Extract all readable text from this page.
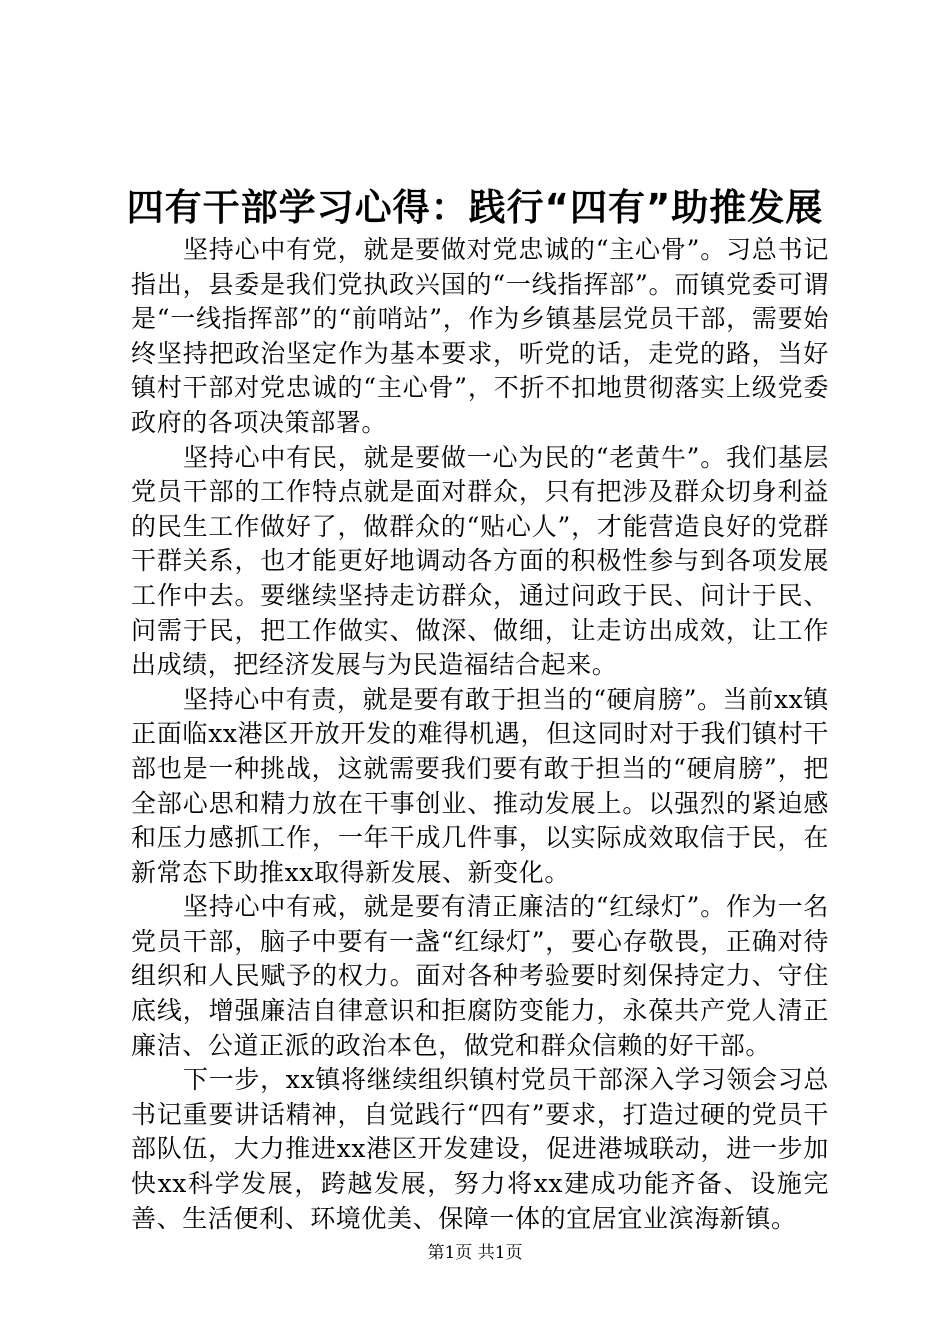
四有干部学习心得：践行“四有”助推发展

坚持心中有党，就是要做对党忠诚的“主心骨”。习总书记指出，县委是我们党执政兴国的“一线指挥部”。而镇党委可谓是“一线指挥部”的“前哨站”，作为乡镇基层党员干部，需要始终坚持把政治坚定作为基本要求，听党的话，走党的路，当好镇村干部对党忠诚的“主心骨”，不折不扣地贯彻落实上级党委政府的各项决策部署。

坚持心中有民，就是要做一心为民的“老黄牛”。我们基层党员干部的工作特点就是面对群众，只有把涉及群众切身利益的民生工作做好了，做群众的“贴心人”，才能营造良好的党群干群关系，也才能更好地调动各方面的积极性参与到各项发展工作中去。要继续坚持走访群众，通过问政于民、问计于民、问需于民，把工作做实、做深、做细，让走访出成效，让工作出成绩，把经济发展与为民造福结合起来。

坚持心中有责，就是要有敢于担当的“硬肩膀”。当前xx镇正面临xx港区开放开发的难得机遇，但这同时对于我们镇村干部也是一种挑战，这就需要我们要有敢于担当的“硬肩膀”，把全部心思和精力放在干事创业、推动发展上。以强烈的紧迫感和压力感抓工作，一年干成几件事，以实际成效取信于民，在新常态下助推xx取得新发展、新变化。

坚持心中有戒，就是要有清正廉洁的“红绿灯”。作为一名党员干部，脑子中要有一盏“红绿灯”，要心存敬畏，正确对待组织和人民赋予的权力。面对各种考验要时刻保持定力、守住底线，增强廉洁自律意识和拒腐防变能力，永葆共产党人清正廉洁、公道正派的政治本色，做党和群众信赖的好干部。

下一步，xx镇将继续组织镇村党员干部深入学习领会习总书记重要讲话精神，自觉践行“四有”要求，打造过硬的党员干部队伍，大力推进xx港区开发建设，促进港城联动，进一步加快xx科学发展，跨越发展，努力将xx建成功能齐备、设施完善、生活便利、环境优美、保障一体的宜居宜业滨海新镇。

第1页 共1页
